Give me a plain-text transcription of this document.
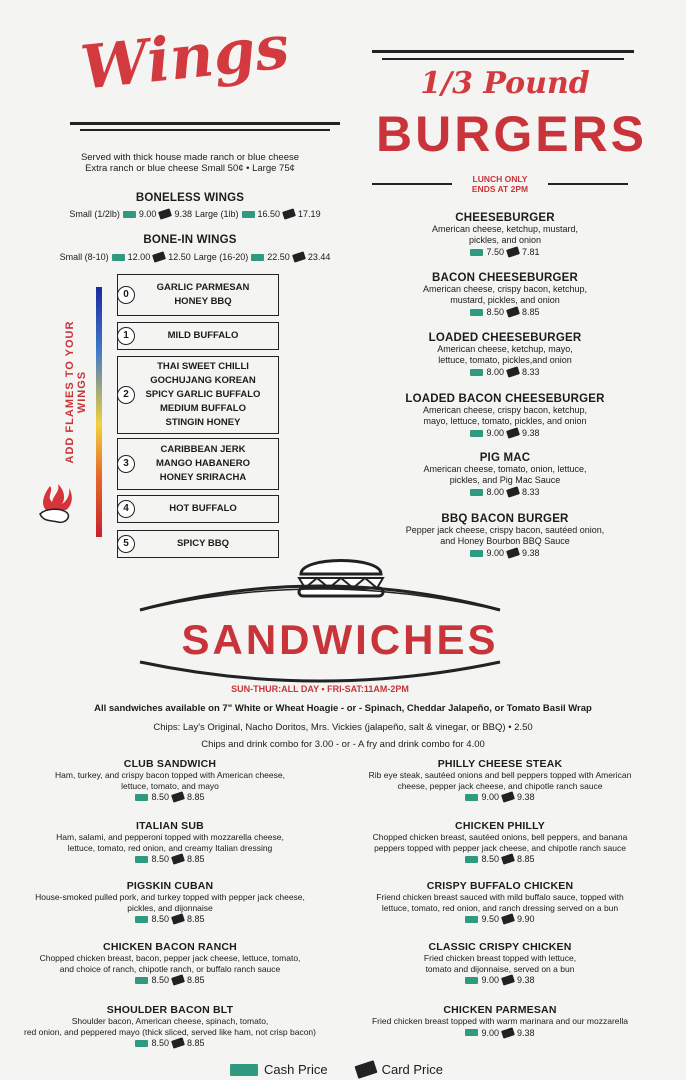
Wings
Served with thick house made ranch or blue cheese
Extra ranch or blue cheese Small 50¢ • Large 75¢
BONELESS WINGS
Small (1/2lb) 9.00 9.38 Large (1lb) 16.50 17.19
BONE-IN WINGS
Small (8-10) 12.00 12.50 Large (16-20) 22.50 23.44
ADD FLAMES TO YOUR WINGS
0
GARLIC PARMESAN
HONEY BBQ
1	MILD BUFFALO
2
THAI SWEET CHILLI
GOCHUJANG KOREAN
SPICY GARLIC BUFFALO
MEDIUM BUFFALO
STINGIN HONEY
3
CARIBBEAN JERK
MANGO HABANERO
HONEY SRIRACHA
4	HOT BUFFALO
5	SPICY BBQ
1/3 Pound
BURGERS
LUNCH ONLY
ENDS AT 2PM
CHEESEBURGER
American cheese, ketchup, mustard,
pickles, and onion
7.50 7.81
BACON CHEESEBURGER
American cheese, crispy bacon, ketchup,
mustard, pickles, and onion
8.50 8.85
LOADED CHEESEBURGER
American cheese, ketchup, mayo,
lettuce, tomato, pickles,and onion
8.00 8.33
LOADED BACON CHEESEBURGER
American cheese, crispy bacon, ketchup,
mayo, lettuce, tomato, pickles, and onion
9.00 9.38
PIG MAC
American cheese, tomato, onion, lettuce,
pickles, and Pig Mac Sauce
8.00 8.33
BBQ BACON BURGER
Pepper jack cheese, crispy bacon, sautéed onion,
and Honey Bourbon BBQ Sauce
9.00 9.38
SANDWICHES
SUN-THUR:ALL DAY • FRI-SAT:11AM-2PM
All sandwiches available on 7" White or Wheat Hoagie - or - Spinach, Cheddar Jalapeño, or Tomato Basil Wrap
Chips: Lay's Original, Nacho Doritos, Mrs. Vickies (jalapeño, salt & vinegar, or BBQ) • 2.50
Chips and drink combo for 3.00 - or - A fry and drink combo for 4.00
CLUB SANDWICH
Ham, turkey, and crispy bacon topped with American cheese,
lettuce, tomato, and mayo
8.50 8.85
ITALIAN SUB
Ham, salami, and pepperoni topped with mozzarella cheese,
lettuce, tomato, red onion, and creamy Italian dressing
8.50 8.85
PIGSKIN CUBAN
House-smoked pulled pork, and turkey topped with pepper jack cheese,
pickles, and dijonnaise
8.50 8.85
CHICKEN BACON RANCH
Chopped chicken breast, bacon, pepper jack cheese, lettuce, tomato,
and choice of ranch, chipotle ranch, or buffalo ranch sauce
8.50 8.85
SHOULDER BACON BLT
Shoulder bacon, American cheese, spinach, tomato,
red onion, and peppered mayo (thick sliced, served like ham, not crisp bacon)
8.50 8.85
PHILLY CHEESE STEAK
Rib eye steak, sautéed onions and bell peppers topped with American
cheese, pepper jack cheese, and chipotle ranch sauce
9.00 9.38
CHICKEN PHILLY
Chopped chicken breast, sautéed onions, bell peppers, and banana
peppers topped with pepper jack cheese, and chipotle ranch sauce
8.50 8.85
CRISPY BUFFALO CHICKEN
Friend chicken breast sauced with mild buffalo sauce, topped with
lettuce, tomato, red onion, and ranch dressing served on a bun
9.50 9.90
CLASSIC CRISPY CHICKEN
Fried chicken breast topped with lettuce,
tomato and dijonnaise, served on a bun
9.00 9.38
CHICKEN PARMESAN
Fried chicken breast topped with warm marinara and our mozzarella
9.00 9.38
Cash Price	Card Price
